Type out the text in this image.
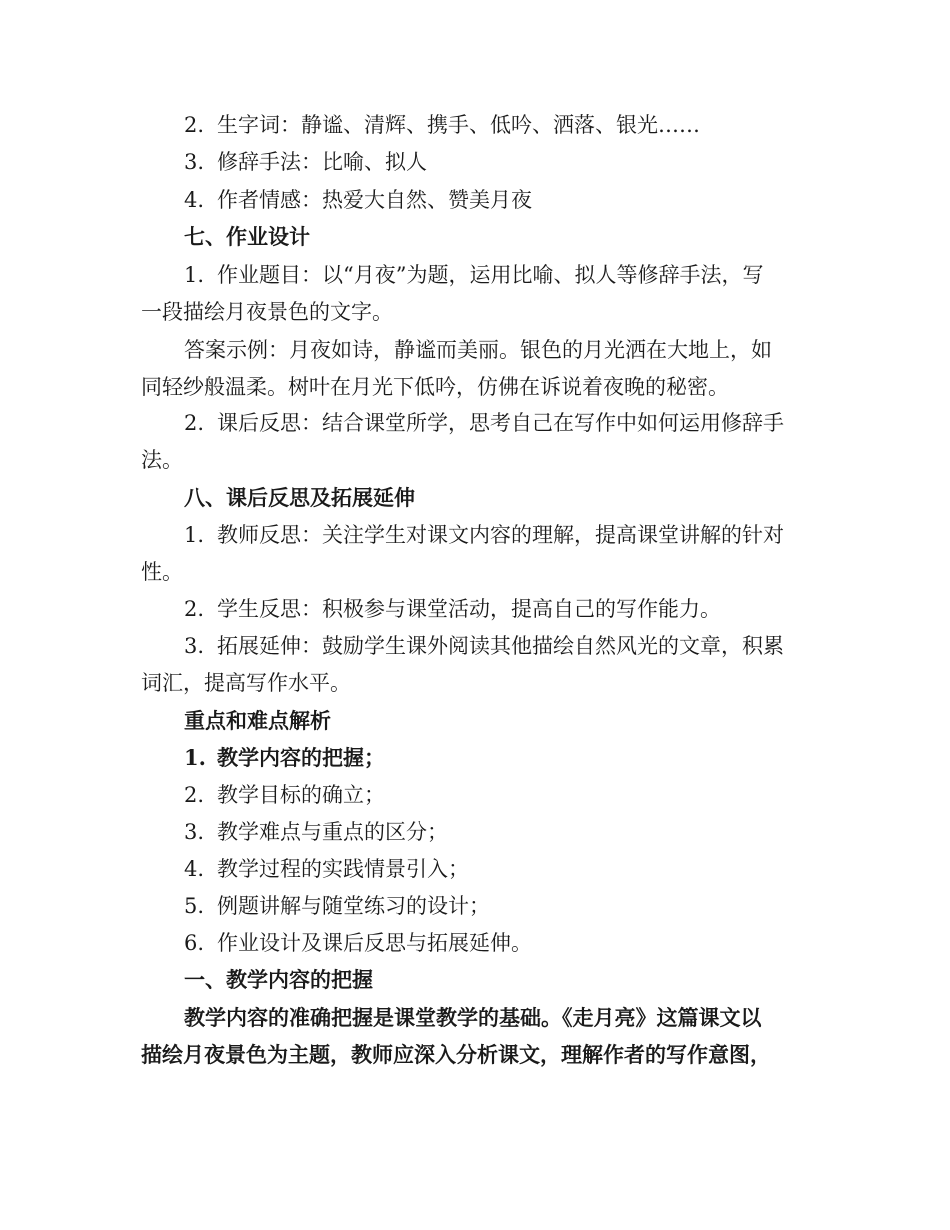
2. 生字词：静谧、清辉、携手、低吟、洒落、银光……
3. 修辞手法：比喻、拟人
4. 作者情感：热爱大自然、赞美月夜
七、作业设计
1. 作业题目：以“月夜”为题，运用比喻、拟人等修辞手法，写
一段描绘月夜景色的文字。
答案示例：月夜如诗，静谧而美丽。银色的月光洒在大地上，如
同轻纱般温柔。树叶在月光下低吟，仿佛在诉说着夜晚的秘密。
2. 课后反思：结合课堂所学，思考自己在写作中如何运用修辞手
法。
八、课后反思及拓展延伸
1. 教师反思：关注学生对课文内容的理解，提高课堂讲解的针对
性。
2. 学生反思：积极参与课堂活动，提高自己的写作能力。
3. 拓展延伸：鼓励学生课外阅读其他描绘自然风光的文章，积累
词汇，提高写作水平。
重点和难点解析
1. 教学内容的把握；
2. 教学目标的确立；
3. 教学难点与重点的区分；
4. 教学过程的实践情景引入；
5. 例题讲解与随堂练习的设计；
6. 作业设计及课后反思与拓展延伸。
一、教学内容的把握
教学内容的准确把握是课堂教学的基础。《走月亮》这篇课文以
描绘月夜景色为主题，教师应深入分析课文，理解作者的写作意图，
